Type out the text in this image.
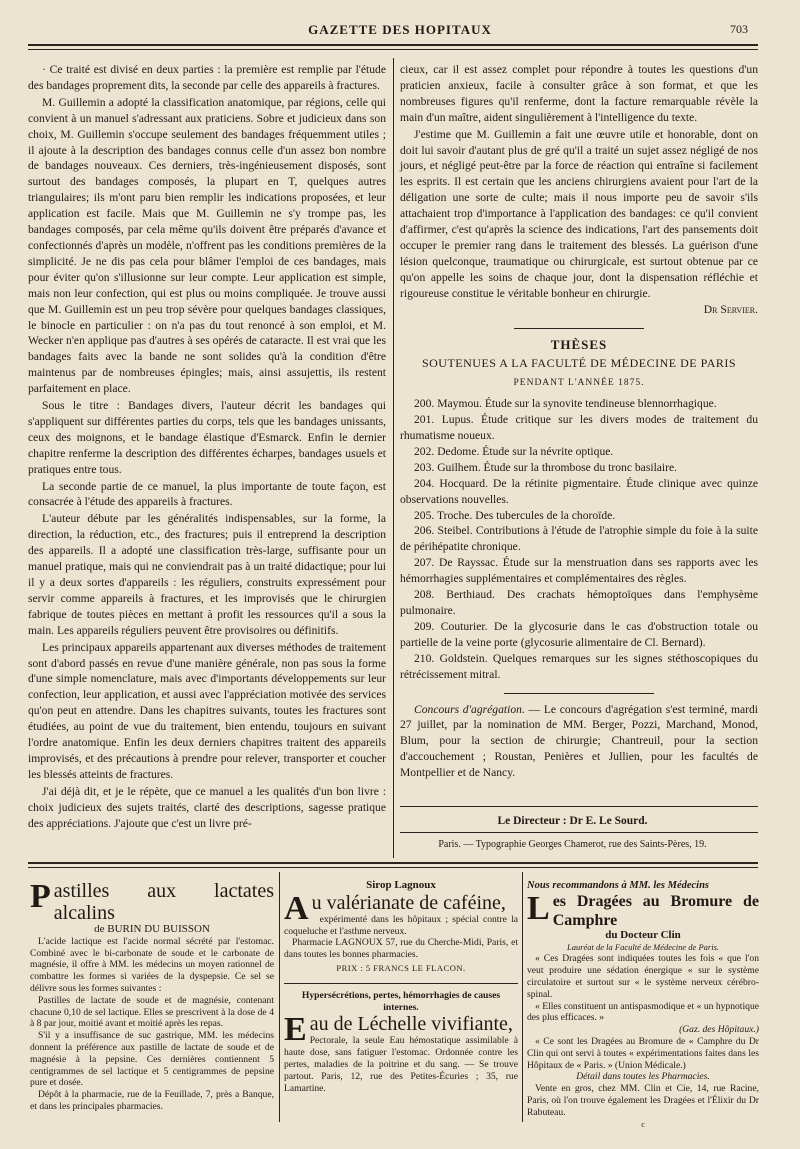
GAZETTE DES HOPITAUX	703

· Ce traité est divisé en deux parties : la première est remplie par l'étude des bandages proprement dits, la seconde par celle des appareils à fractures.

M. Guillemin a adopté la classification anatomique, par régions, celle qui convient à un manuel s'adressant aux praticiens. Sobre et judicieux dans son choix, M. Guillemin s'occupe seulement des bandages fréquemment utiles ; il ajoute à la description des bandages connus celle d'un assez bon nombre de bandages nouveaux. Ces derniers, très-ingénieusement disposés, sont surtout des bandages composés, la plupart en T, quelques autres triangulaires; ils m'ont paru bien remplir les indications proposées, et leur application est facile. Mais que M. Guillemin ne s'y trompe pas, les bandages composés, par cela même qu'ils doivent être préparés d'avance et confectionnés d'après un modèle, n'offrent pas les conditions premières de la simplicité. Je ne dis pas cela pour blâmer l'emploi de ces bandages, mais pour éviter qu'on s'illusionne sur leur compte. Leur application est simple, mais non leur confection, qui est plus ou moins compliquée. Je trouve aussi que M. Guillemin est un peu trop sévère pour quelques bandages classiques, le binocle en particulier : on n'a pas du tout renoncé à son emploi, et M. Wecker n'en applique pas d'autres à ses opérés de cataracte. Il est vrai que les bandages faits avec la bande ne sont solides qu'à la condition d'être maintenus par de nombreuses épingles; mais, ainsi assujettis, ils restent parfaitement en place.

Sous le titre : Bandages divers, l'auteur décrit les bandages qui s'appliquent sur différentes parties du corps, tels que les bandages unissants, ceux des moignons, et le bandage élastique d'Esmarck. Enfin le dernier chapitre renferme la description des différentes écharpes, bandages usuels et pratiques entre tous.

La seconde partie de ce manuel, la plus importante de toute façon, est consacrée à l'étude des appareils à fractures.

L'auteur débute par les généralités indispensables, sur la forme, la direction, la réduction, etc., des fractures; puis il entreprend la description des appareils. Il a adopté une classification très-large, suffisante pour un manuel pratique, mais qui ne conviendrait pas à un traité didactique; pour lui il y a deux sortes d'appareils : les réguliers, construits expressément pour servir comme appareils à fractures, et les improvisés que le chirurgien fabrique de toutes pièces en mettant à profit les ressources qu'il a sous la main. Les appareils réguliers peuvent être provisoires ou définitifs.

Les principaux appareils appartenant aux diverses méthodes de traitement sont d'abord passés en revue d'une manière générale, non pas sous la forme d'une simple nomenclature, mais avec d'importants développements sur leur confection, leur application, et aussi avec l'appréciation motivée des services qu'on peut en attendre. Dans les chapitres suivants, toutes les fractures sont étudiées, au point de vue du traitement, bien entendu, toujours en suivant l'ordre anatomique. Enfin les deux derniers chapitres traitent des appareils improvisés, et des précautions à prendre pour relever, transporter et coucher les blessés atteints de fractures.

J'ai déjà dit, et je le répète, que ce manuel a les qualités d'un bon livre : choix judicieux des sujets traités, clarté des descriptions, sagesse pratique des appréciations. J'ajoute que c'est un livre pré-

cieux, car il est assez complet pour répondre à toutes les questions d'un praticien anxieux, facile à consulter grâce à son format, et que les nombreuses figures qu'il renferme, dont la facture remarquable révèle la main d'un maître, aident singulièrement à l'intelligence du texte.

J'estime que M. Guillemin a fait une œuvre utile et honorable, dont on doit lui savoir d'autant plus de gré qu'il a traité un sujet assez négligé de nos jours, et négligé peut-être par la force de réaction qui entraîne si facilement les esprits. Il est certain que les anciens chirurgiens avaient pour l'art de la déligation une sorte de culte; mais il nous importe peu de savoir s'ils attachaient trop d'importance à l'application des bandages: ce qu'il convient d'affirmer, c'est qu'après la science des indications, l'art des pansements doit occuper le premier rang dans le traitement des blessés. La guérison d'une lésion quelconque, traumatique ou chirurgicale, est surtout obtenue par ce qu'on appelle les soins de chaque jour, dont la dispensation réfléchie et rigoureuse constitue le véritable bonheur en chirurgie.

Dr Servier.
THÈSES
SOUTENUES A LA FACULTÉ DE MÉDECINE DE PARIS
PENDANT L'ANNÉE 1875.
200. Maymou. Étude sur la synovite tendineuse blennorrhagique.
201. Lupus. Étude critique sur les divers modes de traitement du rhumatisme noueux.
202. Dedome. Étude sur la névrite optique.
203. Guilhem. Étude sur la thrombose du tronc basilaire.
204. Hocquard. De la rétinite pigmentaire. Étude clinique avec quinze observations nouvelles.
205. Troche. Des tubercules de la choroïde.
206. Steibel. Contributions à l'étude de l'atrophie simple du foie à la suite de périhépatite chronique.
207. De Rayssac. Étude sur la menstruation dans ses rapports avec les hémorrhagies supplémentaires et complémentaires des règles.
208. Berthiaud. Des crachats hémoptoïques dans l'emphysème pulmonaire.
209. Couturier. De la glycosurie dans le cas d'obstruction totale ou partielle de la veine porte (glycosurie alimentaire de Cl. Bernard).
210. Goldstein. Quelques remarques sur les signes stéthoscopiques du rétrécissement mitral.

Concours d'agrégation. — Le concours d'agrégation s'est terminé, mardi 27 juillet, par la nomination de MM. Berger, Pozzi, Marchand, Monod, Blum, pour la section de chirurgie; Chantreuil, pour la section d'accouchement ; Roustan, Penières et Jullien, pour les facultés de Montpellier et de Nancy.

Le Directeur : Dr E. Le Sourd.
Paris. — Typographie Georges Chamerot, rue des Saints-Pères, 19.
Pastilles aux lactates alcalins
de BURIN DU BUISSON

L'acide lactique est l'acide normal sécrété par l'estomac. Combiné avec le bi-carbonate de soude et le carbonate de magnésie, il offre à MM. les médecins un moyen rationnel de combattre les formes si variées de la dyspepsie. Ce sel se délivre sous les formes suivantes :

Pastilles de lactate de soude et de magnésie, contenant chacune 0,10 de sel lactique. Elles se prescrivent à la dose de 4 à 8 par jour, moitié avant et moitié après les repas.

S'il y a insuffisance de suc gastrique, MM. les médecins donnent la préférence aux pastille de lactate de soude et de magnésie à la pepsine. Ces dernières contiennent 5 centigrammes de sel lactique et 5 centigrammes de pepsine pure et dosée.

Dépôt à la pharmacie, rue de la Feuillade, 7, près a Banque, et dans les principales pharmacies.

Sirop Lagnoux
Au valérianate de caféine,

expérimenté dans les hôpitaux ; spécial contre la coqueluche et l'asthme nerveux.

Pharmacie LAGNOUX 57, rue du Cherche-Midi, Paris, et dans toutes les bonnes pharmacies.

PRIX : 5 FRANCS LE FLACON.
Hypersécrétions, pertes, hémorrhagies de causes internes.
Eau de Léchelle vivifiante,

Pectorale, la seule Eau hémostatique assimilable à haute dose, sans fatiguer l'estomac. Ordonnée contre les pertes, maladies de la poitrine et du sang. — Se trouve partout. Paris, 12, rue des Petites-Écuries ; 35, rue Lamartine.

Nous recommandons à MM. les Médecins
Les Dragées au Bromure de Camphre
du Docteur Clin
Lauréat de la Faculté de Médecine de Paris.

« Ces Dragées sont indiquées toutes les fois « que l'on veut produire une sédation énergique « sur le système circulatoire et surtout sur « le système nerveux cérébro-spinal.

« Elles constituent un antispasmodique et « un hypnotique des plus efficaces. »

(Gaz. des Hôpitaux.)

« Ce sont les Dragées au Bromure de « Camphre du Dr Clin qui ont servi à toutes « expérimentations faites dans les Hôpitaux de « Paris. » (Union Médicale.)

Détail dans toutes les Pharmacies.

Vente en gros, chez MM. Clin et Cie, 14, rue Racine, Paris, où l'on trouve également les Dragées et l'Élixir du Dr Rabuteau.

c
